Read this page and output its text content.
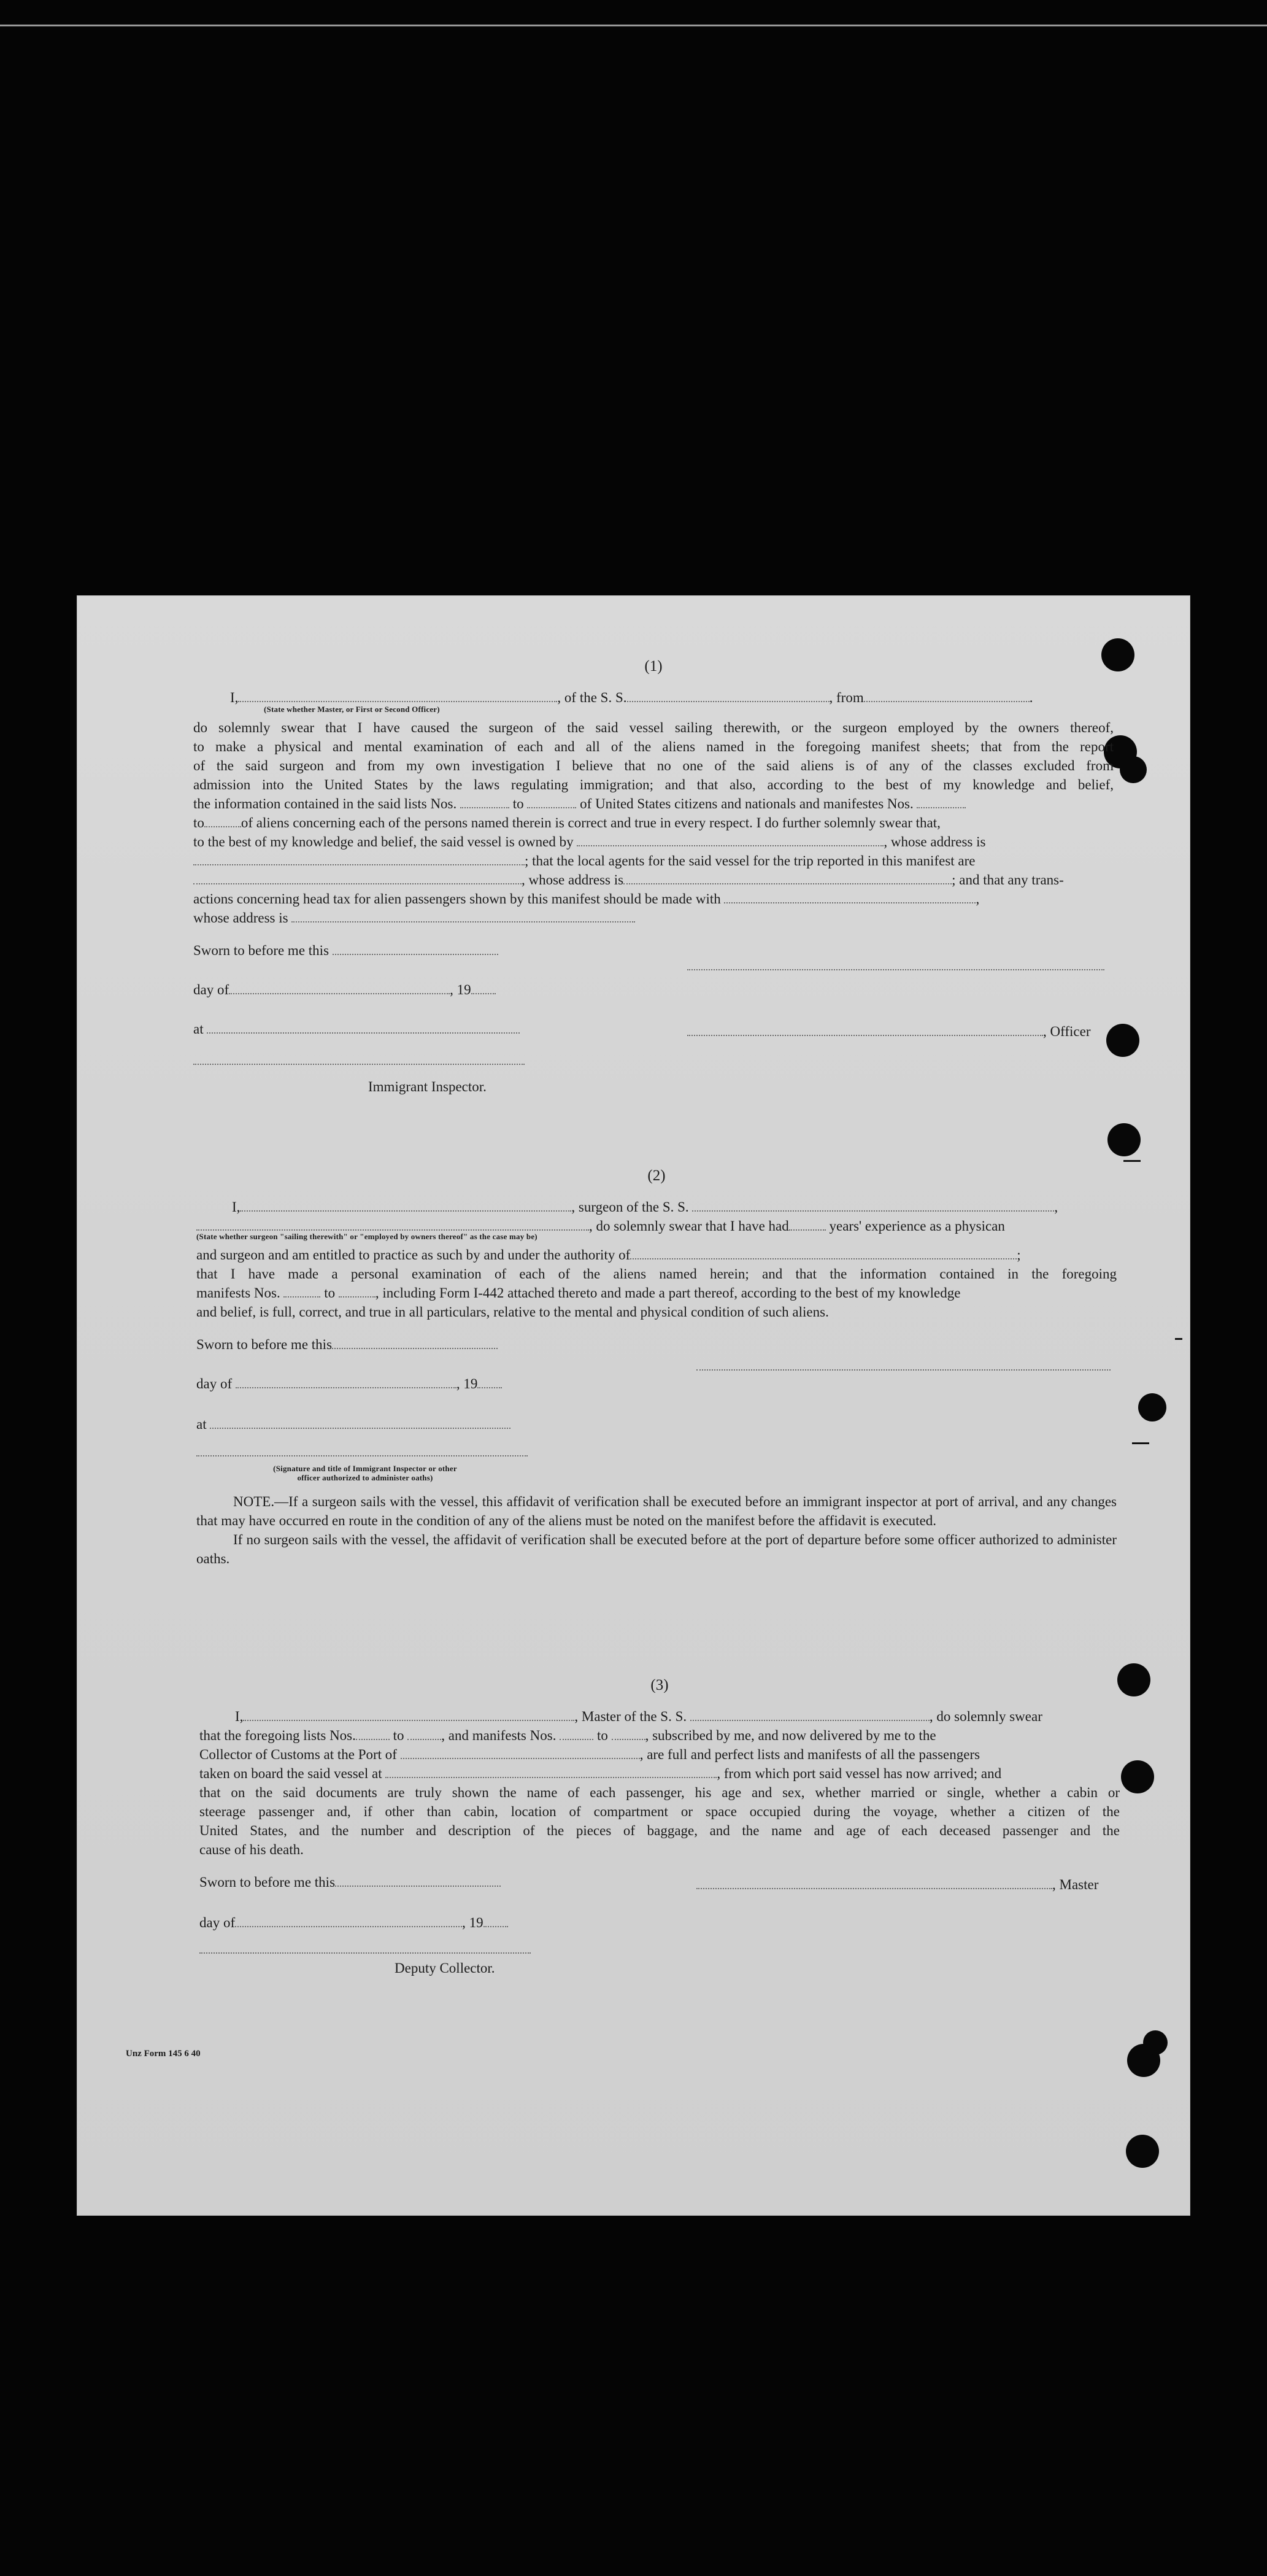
(1)
I,	, of the S. S.	, from	.
(State whether Master, or First or Second Officer)
do solemnly swear that I have caused the surgeon of the said vessel sailing therewith, or the surgeon employed by the owners thereof,
to make a physical and mental examination of each and all of the aliens named in the foregoing manifest sheets; that from the report
of the said surgeon and from my own investigation I believe that no one of the said aliens is of any of the classes excluded from
admission into the United States by the laws regulating immigration; and that also, according to the best of my knowledge and belief,
the information contained in the said lists Nos.	to	of United States citizens and nationals and manifestes Nos.
to	of aliens concerning each of the persons named therein is correct and true in every respect. I do further solemnly swear that,
to the best of my knowledge and belief, the said vessel is owned by	, whose address is
; that the local agents for the said vessel for the trip reported in this manifest are
, whose address is	; and that any trans-
actions concerning head tax for alien passengers shown by this manifest should be made with	,
whose address is
Sworn to before me this
day of	, 19
at	, Officer
Immigrant Inspector.
(2)
I,	, surgeon of the S. S.	,
, do solemnly swear that I have had	years' experience as a physican
(State whether surgeon "sailing therewith" or "employed by owners thereof" as the case may be)
and surgeon and am entitled to practice as such by and under the authority of	;
that I have made a personal examination of each of the aliens named herein; and that the information contained in the foregoing
manifests Nos.	to	, including Form I-442 attached thereto and made a part thereof, according to the best of my knowledge
and belief, is full, correct, and true in all particulars, relative to the mental and physical condition of such aliens.
Sworn to before me this
day of	, 19
at
(Signature and title of Immigrant Inspector or other
officer authorized to administer oaths)
NOTE.—If a surgeon sails with the vessel, this affidavit of verification shall be executed before an immigrant inspector at port of arrival, and any changes that may have occurred en route in the condition of any of the aliens must be noted on the manifest before the affidavit is executed.
If no surgeon sails with the vessel, the affidavit of verification shall be executed before at the port of departure before some officer authorized to administer oaths.
(3)
I,	, Master of the S. S.	, do solemnly swear
that the foregoing lists Nos.	to	, and manifests Nos.	to	, subscribed by me, and now delivered by me to the
Collector of Customs at the Port of	, are full and perfect lists and manifests of all the passengers
taken on board the said vessel at	, from which port said vessel has now arrived; and
that on the said documents are truly shown the name of each passenger, his age and sex, whether married or single, whether a cabin or
steerage passenger and, if other than cabin, location of compartment or space occupied during the voyage, whether a citizen of the
United States, and the number and description of the pieces of baggage, and the name and age of each deceased passenger and the
cause of his death.
Sworn to before me this	, Master
day of	, 19
Deputy Collector.
Unz Form 145 6 40
